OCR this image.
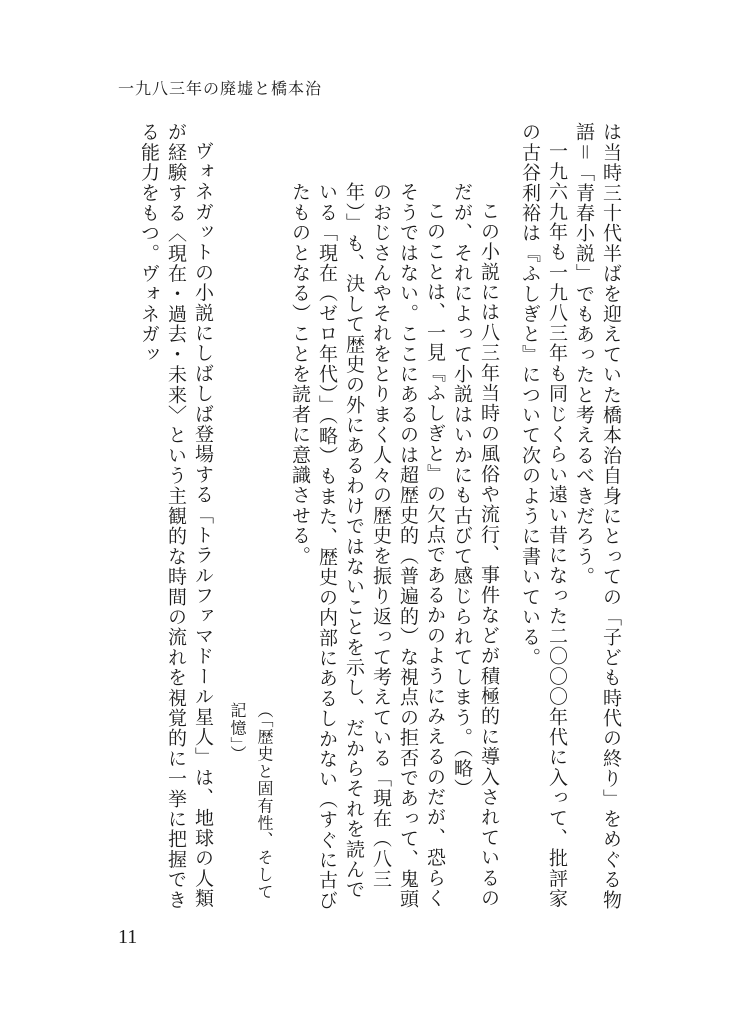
一九八三年の廃墟と橋本治

は当時三十代半ばを迎えていた橋本治自身にとっての「子ども時代の終り」をめぐる物語＝「青春小説」でもあったと考えるべきだろう。

一九六九年も一九八三年も同じくらい遠い昔になった二〇〇〇年代に入って、批評家の古谷利裕は『ふしぎと』について次のように書いている。

この小説には八三年当時の風俗や流行、事件などが積極的に導入されているのだが、それによって小説はいかにも古びて感じられてしまう。（略）

このことは、一見『ふしぎと』の欠点であるかのようにみえるのだが、恐らくそうではない。ここにあるのは超歴史的（普遍的）な視点の拒否であって、鬼頭のおじさんやそれをとりまく人々の歴史を振り返って考えている「現在（八三年）」も、決して歴史の外にあるわけではないことを示し、だからそれを読んでいる「現在（ゼロ年代）」（略）もまた、歴史の内部にあるしかない（すぐに古びたものとなる）ことを読者に意識させる。

（「歴史と固有性、そして記憶」）

ヴォネガットの小説にしばしば登場する「トラルファマドール星人」は、地球の人類が経験する〈現在・過去・未来〉という主観的な時間の流れを視覚的に一挙に把握できる能力をもつ。ヴォネガッ

11
